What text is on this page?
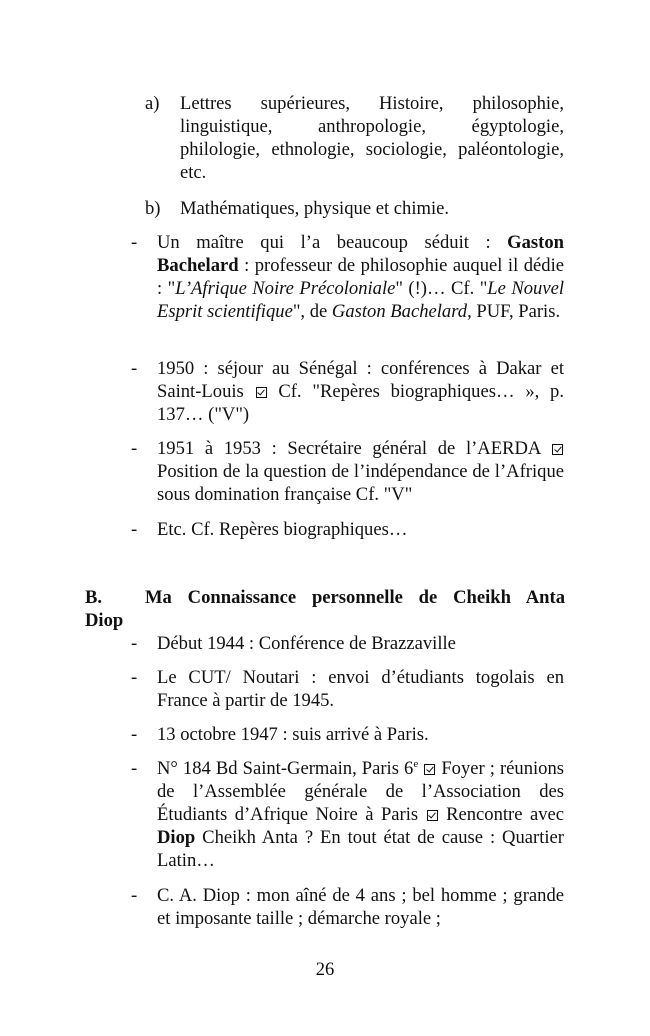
a) Lettres supérieures, Histoire, philosophie, linguistique, anthropologie, égyptologie, philologie, ethnologie, sociologie, paléontologie, etc.
b) Mathématiques, physique et chimie.
- Un maître qui l’a beaucoup séduit : Gaston Bachelard : professeur de philosophie auquel il dédie : "L’Afrique Noire Précoloniale" (!)… Cf. "Le Nouvel Esprit scientifique", de Gaston Bachelard, PUF, Paris.
- 1950 : séjour au Sénégal : conférences à Dakar et Saint-Louis  Cf. "Repères biographiques… », p. 137… ("V")
- 1951 à 1953 : Secrétaire général de l’AERDA  Position de la question de l’indépendance de l’Afrique sous domination française Cf. "V"
- Etc. Cf. Repères biographiques…
B. Ma Connaissance personnelle de Cheikh Anta
Diop
- Début 1944 : Conférence de Brazzaville
- Le CUT/ Noutari : envoi d’étudiants togolais en France à partir de 1945.
- 13 octobre 1947 : suis arrivé à Paris.
- N° 184 Bd Saint-Germain, Paris 6e  Foyer ; réunions de l’Assemblée générale de l’Association des Étudiants d’Afrique Noire à Paris  Rencontre avec Diop Cheikh Anta ? En tout état de cause : Quartier Latin…
- C. A. Diop : mon aîné de 4 ans ; bel homme ; grande et imposante taille ; démarche royale ;
26
